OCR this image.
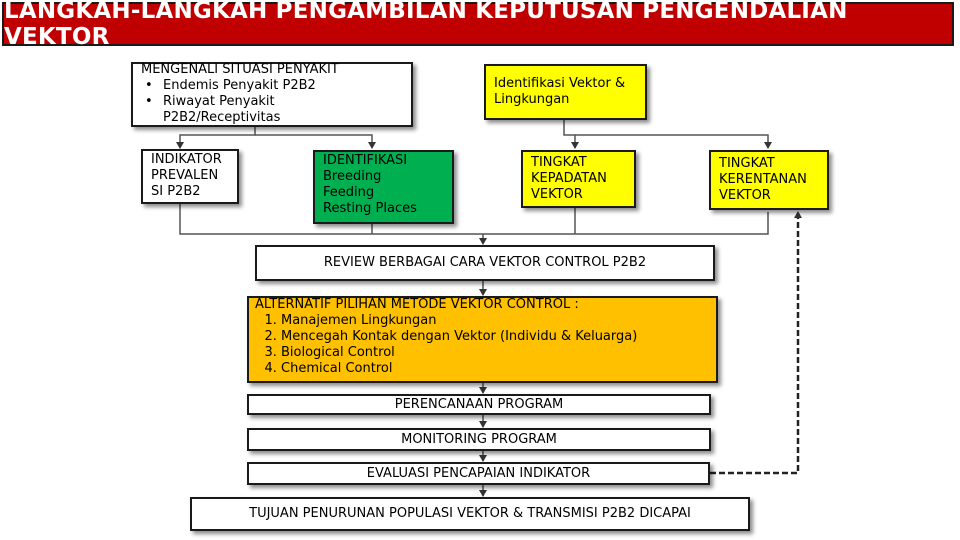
LANGKAH-LANGKAH PENGAMBILAN KEPUTUSAN PENGENDALIAN VEKTOR
MENGENALI SITUASI PENYAKIT
• Endemis Penyakit P2B2
• Riwayat Penyakit P2B2/Receptivitas
Identifikasi Vektor & Lingkungan
INDIKATOR PREVALEN SI P2B2
IDENTIFIKASI
Breeding
Feeding
Resting Places
TINGKAT KEPADATAN VEKTOR
TINGKAT KERENTANAN VEKTOR
REVIEW BERBAGAI CARA VEKTOR CONTROL P2B2
ALTERNATIF PILIHAN METODE VEKTOR CONTROL :
1. Manajemen Lingkungan
2. Mencegah Kontak dengan Vektor (Individu & Keluarga)
3. Biological Control
4. Chemical Control
PERENCANAAN PROGRAM
MONITORING PROGRAM
EVALUASI PENCAPAIAN INDIKATOR
TUJUAN PENURUNAN POPULASI VEKTOR & TRANSMISI P2B2 DICAPAI
